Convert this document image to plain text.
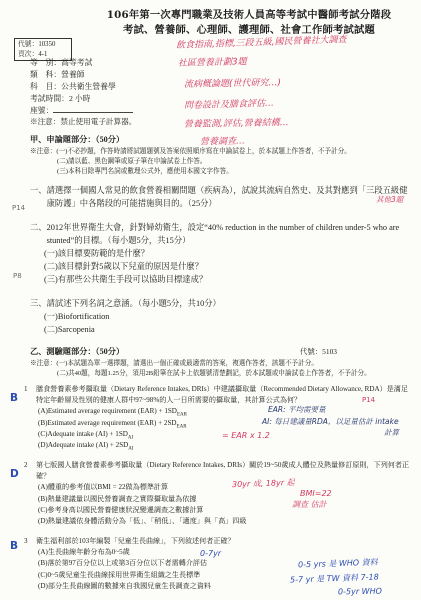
106年第一次專門職業及技術人員高等考試中醫師考試分階段
考試、營養師、心理師、護理師、社會工作師考試試題
代號：10350
頁次：4-1
等　別：高等考試
類　科：營養師
科　目：公共衛生營養學
考試時間：2 小時
座號：
※注意：禁止使用電子計算器。
甲、申論題部分：（50分）
※注意：(一)不必抄題，作答時請將試題題號及答案依照順序寫在申論試卷上，於本試題上作答者，不予計分。
(二)請以藍、黑色鋼筆或原子筆在申論試卷上作答。
(三)本科目除專門名詞或數理公式外，應使用本國文字作答。
一、 請選擇一個國人常見的飲食營養相關問題（疾病為），試說其流病自然史、及其對應到「三段五級健康防護」中各階段的可能措施與目的。（25分）
二、 2012年世界衛生大會，針對婦幼衛生，設定“40% reduction in the number of children under-5 who are stunted”的目標。（每小題5分，共15分）
(一)該目標要防範的是什麼？
(二)該目標針對5歲以下兒童的原因是什麼？
(三)有那些公共衛生手段可以協助目標達成？
三、 請試述下列名詞之意涵。（每小題5分，共10分）
(一)Biofortification
(二)Sarcopenia
乙、測驗題部分：（50分）	代號：5103
※注意：(一)本試題為單一選擇題，請選出一個正確或最適當的答案，複選作答者，該題不予計分。
(二)共40題，每題1.25分，須用2B鉛筆在試卡上依題號清楚劃記，於本試題或申論試卷上作答者，不予計分。
1	膳食營養素參考攝取量（Dietary Reference Intakes, DRIs）中建議攝取量（Recommended Dietary Allowance, RDA）是滿足特定年齡層及性別的健康人群中97~98%的人一日所需要的攝取量，其計算公式為何？
(A)Estimated average requirement $(EAR) + 1SD_{EAR}$
(B)Estimated average requirement $(EAR) + 2SD_{EAR}$
(C)Adequate intake $(AI) + 1SD_{AI}$
(D)Adequate intake $(AI) + 2SD_{AI}$
2	第七版國人膳食營養素參考攝取量（Dietary Reference Intakes, DRIs）關於19~50歲成人體位及熱量修訂原則，下列何者正確？
(A)體重的參考值以BMI = 22做為標準計算
(B)熱量建議量以國民營養調查之實際攝取量為依據
(C)參考身高以國民營養健康狀況變遷調查之數據計算
(D)熱量建議依身體活動分為「低」、「稍低」、「適度」與「高」四級
3	衛生福利部於103年編製「兒童生長曲線」，下列敘述何者正確？
(A)生長曲線年齡分布為0~5歲
(B)落於第97百分位以上或第3百分位以下者需轉介評估
(C)0~5歲兒童生長曲線採用世界衛生組織之生長標準
(D)部分生長曲線圖的數據來自我國兒童生長調查之資料
飲食指南,指標,三段五級,國民營養社大調查
社區營養計劃3題
流病概論題(世代研究…)
問卷設計及膳食評估…
營養監測,評估,營養結構…
營養調查…
其他3題
P14
P8
B
D
B
P14
EAR: 平均需要量
AI: 每日建議量RDA，以足量估計 intake
計算
= EAR x 1.2
30yr 成, 18yr 起
BMI=22
調查 估計
0-7yr
0-5 yrs 是 WHO 資料
5-7 yr 是 TW 資料 7-18
0-5yr WHO
